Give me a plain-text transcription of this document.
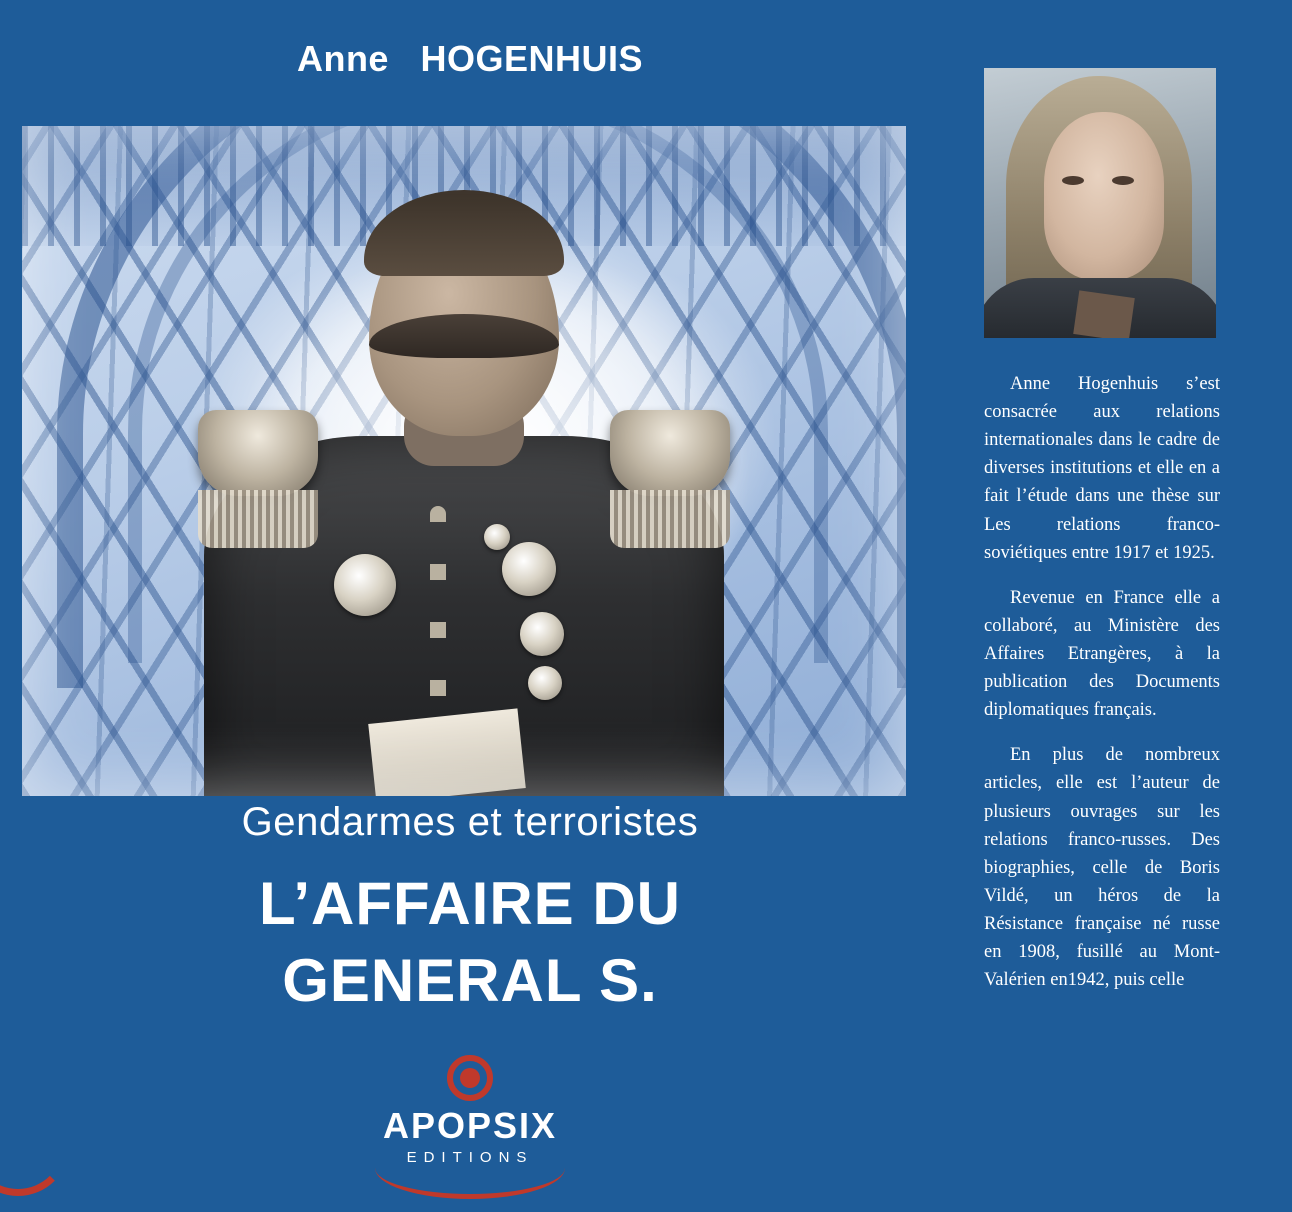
Anne HOGENHUIS
Gendarmes et terroristes
L’AFFAIRE DU
GENERAL S.
APOPSIX
EDITIONS

Anne Hogenhuis s’est consacrée aux relations internationales dans le cadre de diverses institutions et elle en a fait l’étude dans une thèse sur Les relations franco-soviétiques entre 1917 et 1925.

Revenue en France elle a collaboré, au Ministère des Affaires Etrangères, à la publication des Documents diplomatiques français.

En plus de nombreux articles, elle est l’auteur de plusieurs ouvrages sur les relations franco-russes. Des biographies, celle de Boris Vildé, un héros de la Résistance française né russe en 1908, fusillé au Mont-Valérien en1942, puis celle
